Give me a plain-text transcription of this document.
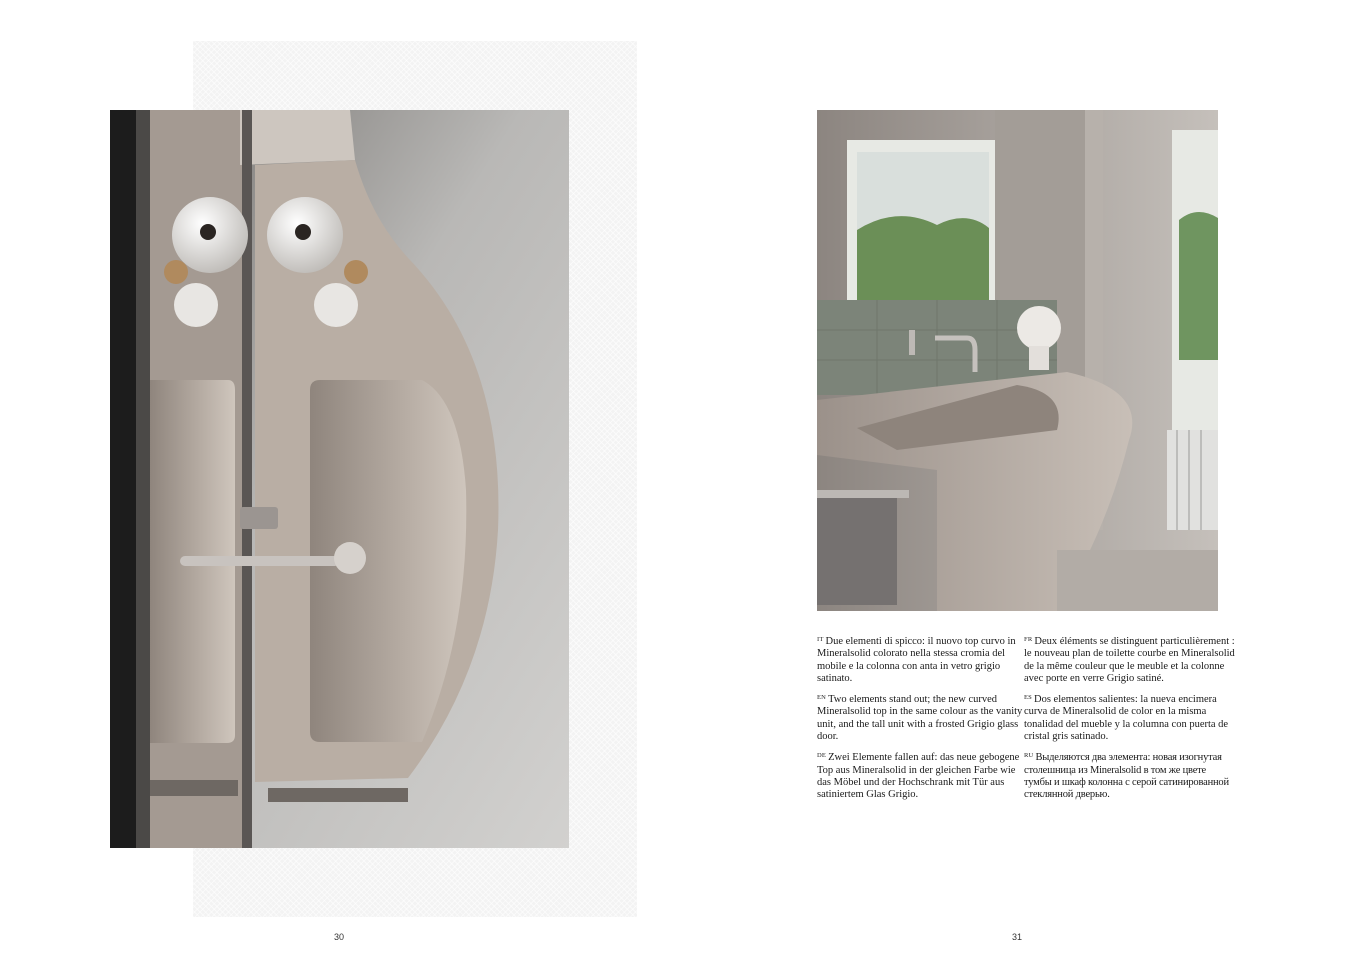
30

$^{IT}$ Due elementi di spicco: il nuovo top curvo in Mineralsolid colorato nella stessa cromia del mobile e la colonna con anta in vetro grigio satinato.

$^{EN}$ Two elements stand out; the new curved Mineralsolid top in the same colour as the vanity unit, and the tall unit with a frosted Grigio glass door.

$^{DE}$ Zwei Elemente fallen auf: das neue gebogene Top aus Mineralsolid in der gleichen Farbe wie das Möbel und der Hochschrank mit Tür aus satiniertem Glas Grigio.

$^{FR}$ Deux éléments se distinguent particulièrement : le nouveau plan de toilette courbe en Mineralsolid de la même couleur que le meuble et la colonne avec porte en verre Grigio satiné.

$^{ES}$ Dos elementos salientes: la nueva encimera curva de Mineralsolid de color en la misma tonalidad del mueble y la columna con puerta de cristal gris satinado.

$^{RU}$ Выделяются два элемента: новая изогнутая столешница из Mineralsolid в том же цвете тумбы и шкаф колонна с серой сатинированной стеклянной дверью.

31
